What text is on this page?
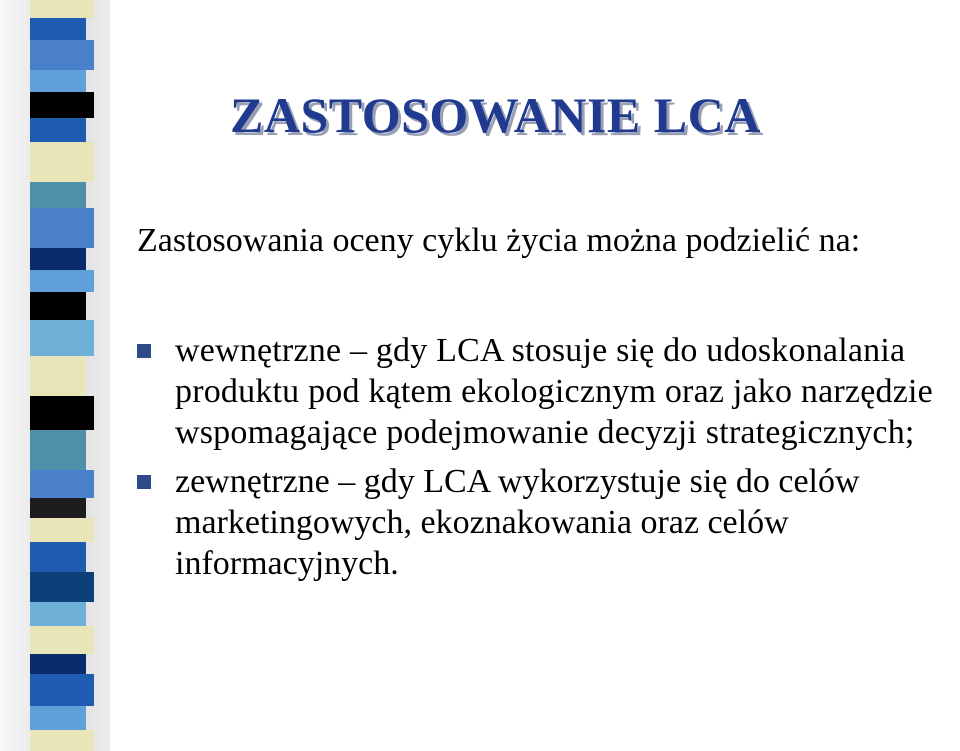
ZASTOSOWANIE LCA
Zastosowania oceny cyklu życia można podzielić na:
wewnętrzne – gdy LCA stosuje się do udoskonalania produktu pod kątem ekologicznym oraz jako narzędzie wspomagające podejmowanie decyzji strategicznych;
zewnętrzne – gdy LCA wykorzystuje się do celów marketingowych, ekoznakowania oraz celów informacyjnych.
